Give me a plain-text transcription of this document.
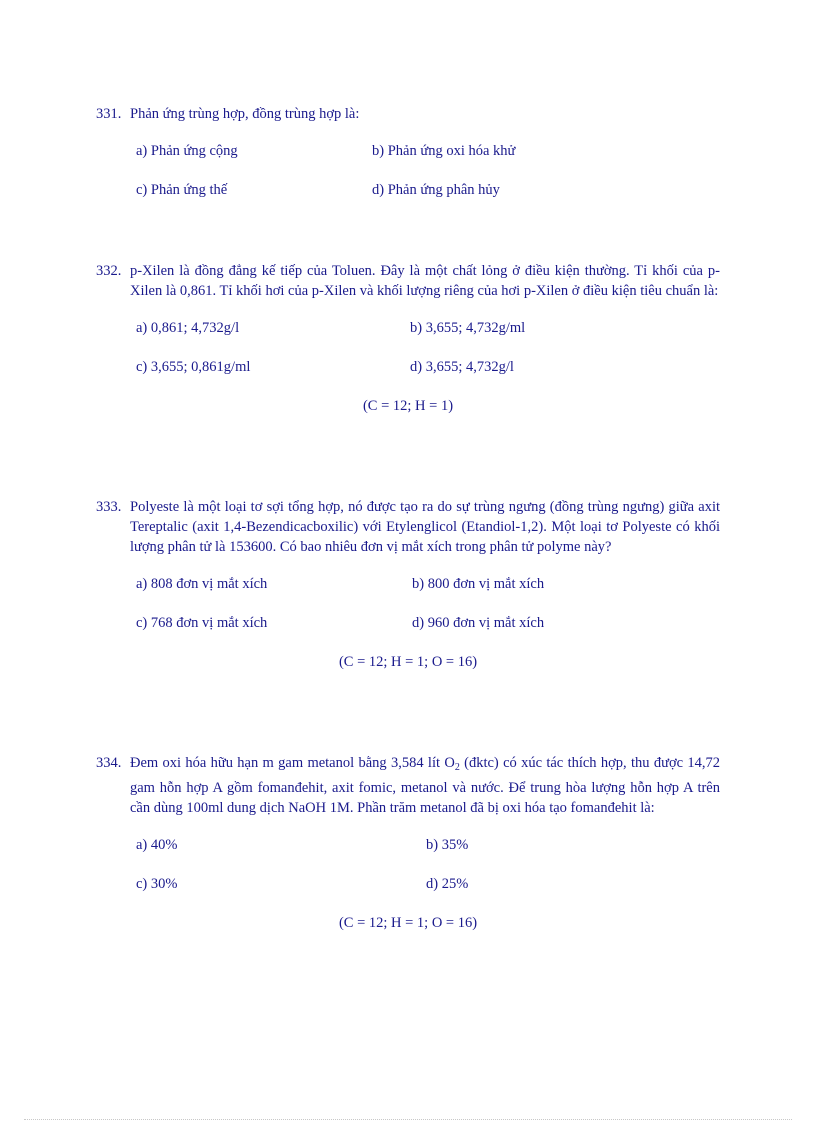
331. Phản ứng trùng hợp, đồng trùng hợp là:
a) Phản ứng cộng	b) Phản ứng oxi hóa khử
c) Phản ứng thế	d) Phản ứng phân hủy
332. p-Xilen là đồng đẳng kế tiếp của Toluen. Đây là một chất lỏng ở điều kiện thường. Tỉ khối của p-Xilen là 0,861. Tỉ khối hơi của p-Xilen và khối lượng riêng của hơi p-Xilen ở điều kiện tiêu chuẩn là:
a) 0,861; 4,732g/l	b) 3,655; 4,732g/ml
c) 3,655; 0,861g/ml	d) 3,655; 4,732g/l
(C = 12; H = 1)
333. Polyeste là một loại tơ sợi tổng hợp, nó được tạo ra do sự trùng ngưng (đồng trùng ngưng) giữa axit Tereptalic (axit 1,4-Bezendicacboxilic) với Etylenglicol (Etandiol-1,2). Một loại tơ Polyeste có khối lượng phân tử là 153600. Có bao nhiêu đơn vị mắt xích trong phân tử polyme này?
a) 808 đơn vị mắt xích	b) 800 đơn vị mắt xích
c) 768 đơn vị mắt xích	d) 960 đơn vị mắt xích
(C = 12; H = 1; O = 16)
334. Đem oxi hóa hữu hạn m gam metanol bằng 3,584 lít $O_2$ (đktc) có xúc tác thích hợp, thu được 14,72 gam hỗn hợp A gồm fomanđehit, axit fomic, metanol và nước. Để trung hòa lượng hỗn hợp A trên cần dùng 100ml dung dịch NaOH 1M. Phần trăm metanol đã bị oxi hóa tạo fomanđehit là:
a) 40%	b) 35%
c) 30%	d) 25%
(C = 12; H = 1; O = 16)
